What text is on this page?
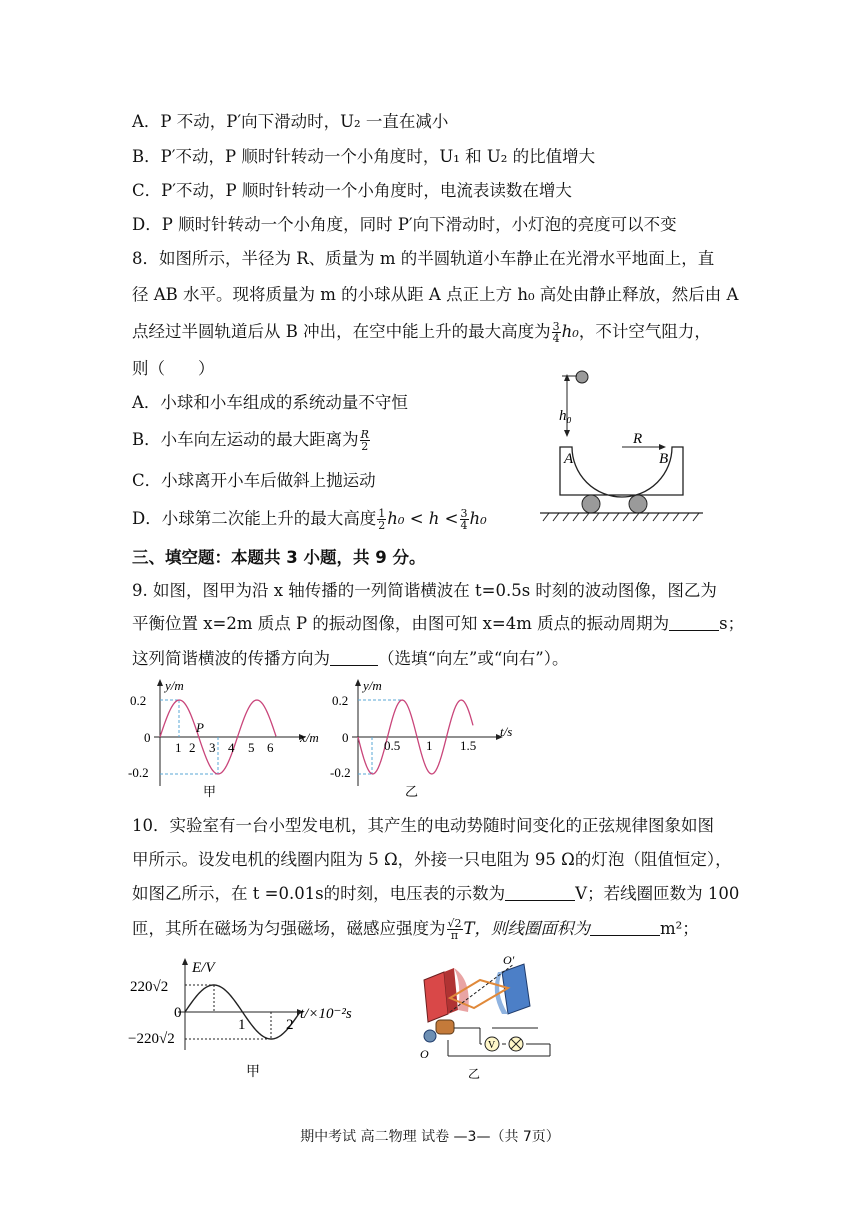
A．P 不动，P′向下滑动时，U₂ 一直在减小
B．P′不动，P 顺时针转动一个小角度时，U₁ 和 U₂ 的比值增大
C．P′不动，P 顺时针转动一个小角度时，电流表读数在增大
D．P 顺时针转动一个小角度，同时 P′向下滑动时，小灯泡的亮度可以不变
8．如图所示，半径为 R、质量为 m 的半圆轨道小车静止在光滑水平地面上，直
径 AB 水平。现将质量为 m 的小球从距 A 点正上方 h₀ 高处由静止释放，然后由 A
点经过半圆轨道后从 B 冲出，在空中能上升的最大高度为 $\frac{3}{4} h_0$，不计空气阻力，
则（　　）
A．小球和小车组成的系统动量不守恒
B．小车向左运动的最大距离为 $\frac{R}{2}$
C．小球离开小车后做斜上抛运动
D．小球第二次能上升的最大高度 $\frac{1}{2} h_0 < h < \frac{3}{4} h_0$
h₀
R
A	B
三、填空题：本题共 3 小题，共 9 分。
9. 如图，图甲为沿 x 轴传播的一列简谐横波在 t=0.5s 时刻的波动图像，图乙为
平衡位置 x=2m 质点 P 的振动图像，由图可知 x=4m 质点的振动周期为	s；
这列简谐横波的传播方向为	（选填“向左”或“向右”）。
y/m
x/m
0.2
0
-0.2
1 2 3 4 5 6
P
甲
y/m
t/s
0.2
0
-0.2
0.5 1 1.5
乙
10．实验室有一台小型发电机，其产生的电动势随时间变化的正弦规律图象如图
甲所示。设发电机的线圈内阻为 5 Ω，外接一只电阻为 95 Ω的灯泡（阻值恒定），
如图乙所示，在 t =0.01s的时刻，电压表的示数为	V；若线圈匝数为 100
匝，其所在磁场为匀强磁场，磁感应强度为 $\frac{√2}{\pi}$ T，则线圈面积为	m²；
E/V
220√2
0
−220√2
1	2
t/×10⁻²s
甲
O′
O
V
乙
期中考试 高二物理 试卷 —3—（共 7页）
